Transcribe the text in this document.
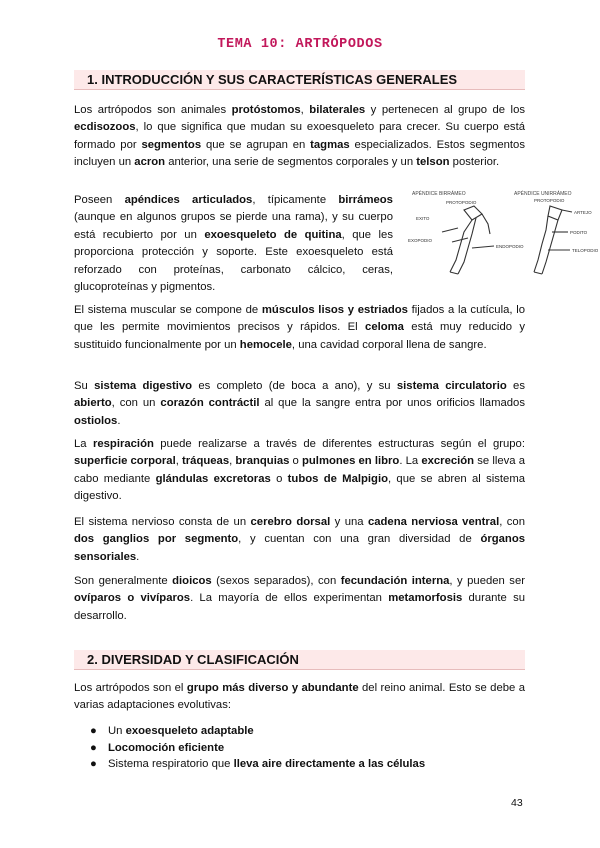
TEMA 10: ARTRÓPODOS
1. INTRODUCCIÓN Y SUS CARACTERÍSTICAS GENERALES

Los artrópodos son animales protóstomos, bilaterales y pertenecen al grupo de los ecdisozoos, lo que significa que mudan su exoesqueleto para crecer. Su cuerpo está formado por segmentos que se agrupan en tagmas especializados. Estos segmentos incluyen un acron anterior, una serie de segmentos corporales y un telson posterior.

Poseen apéndices articulados, típicamente birrámeos (aunque en algunos grupos se pierde una rama), y su cuerpo está recubierto por un exoesqueleto de quitina, que les proporciona protección y soporte. Este exoesqueleto está reforzado con proteínas, carbonato cálcico, ceras, glucoproteínas y pigmentos.

APÉNDICE BIRRÁMEO	APÉNDICE UNIRRÁMEO
PROTOPODIO
EXITO
EXOPODIO
ENDOPODIO
PROTOPODIO
ARTEJO
PODITO
TELOPODIO

El sistema muscular se compone de músculos lisos y estriados fijados a la cutícula, lo que les permite movimientos precisos y rápidos. El celoma está muy reducido y sustituido funcionalmente por un hemocele, una cavidad corporal llena de sangre.

Su sistema digestivo es completo (de boca a ano), y su sistema circulatorio es abierto, con un corazón contráctil al que la sangre entra por unos orificios llamados ostiolos.

La respiración puede realizarse a través de diferentes estructuras según el grupo: superficie corporal, tráqueas, branquias o pulmones en libro. La excreción se lleva a cabo mediante glándulas excretoras o tubos de Malpigio, que se abren al sistema digestivo.

El sistema nervioso consta de un cerebro dorsal y una cadena nerviosa ventral, con dos ganglios por segmento, y cuentan con una gran diversidad de órganos sensoriales.

Son generalmente dioicos (sexos separados), con fecundación interna, y pueden ser ovíparos o vivíparos. La mayoría de ellos experimentan metamorfosis durante su desarrollo.

2. DIVERSIDAD Y CLASIFICACIÓN

Los artrópodos son el grupo más diverso y abundante del reino animal. Esto se debe a varias adaptaciones evolutivas:

● Un exoesqueleto adaptable
● Locomoción eficiente
● Sistema respiratorio que lleva aire directamente a las células
43
